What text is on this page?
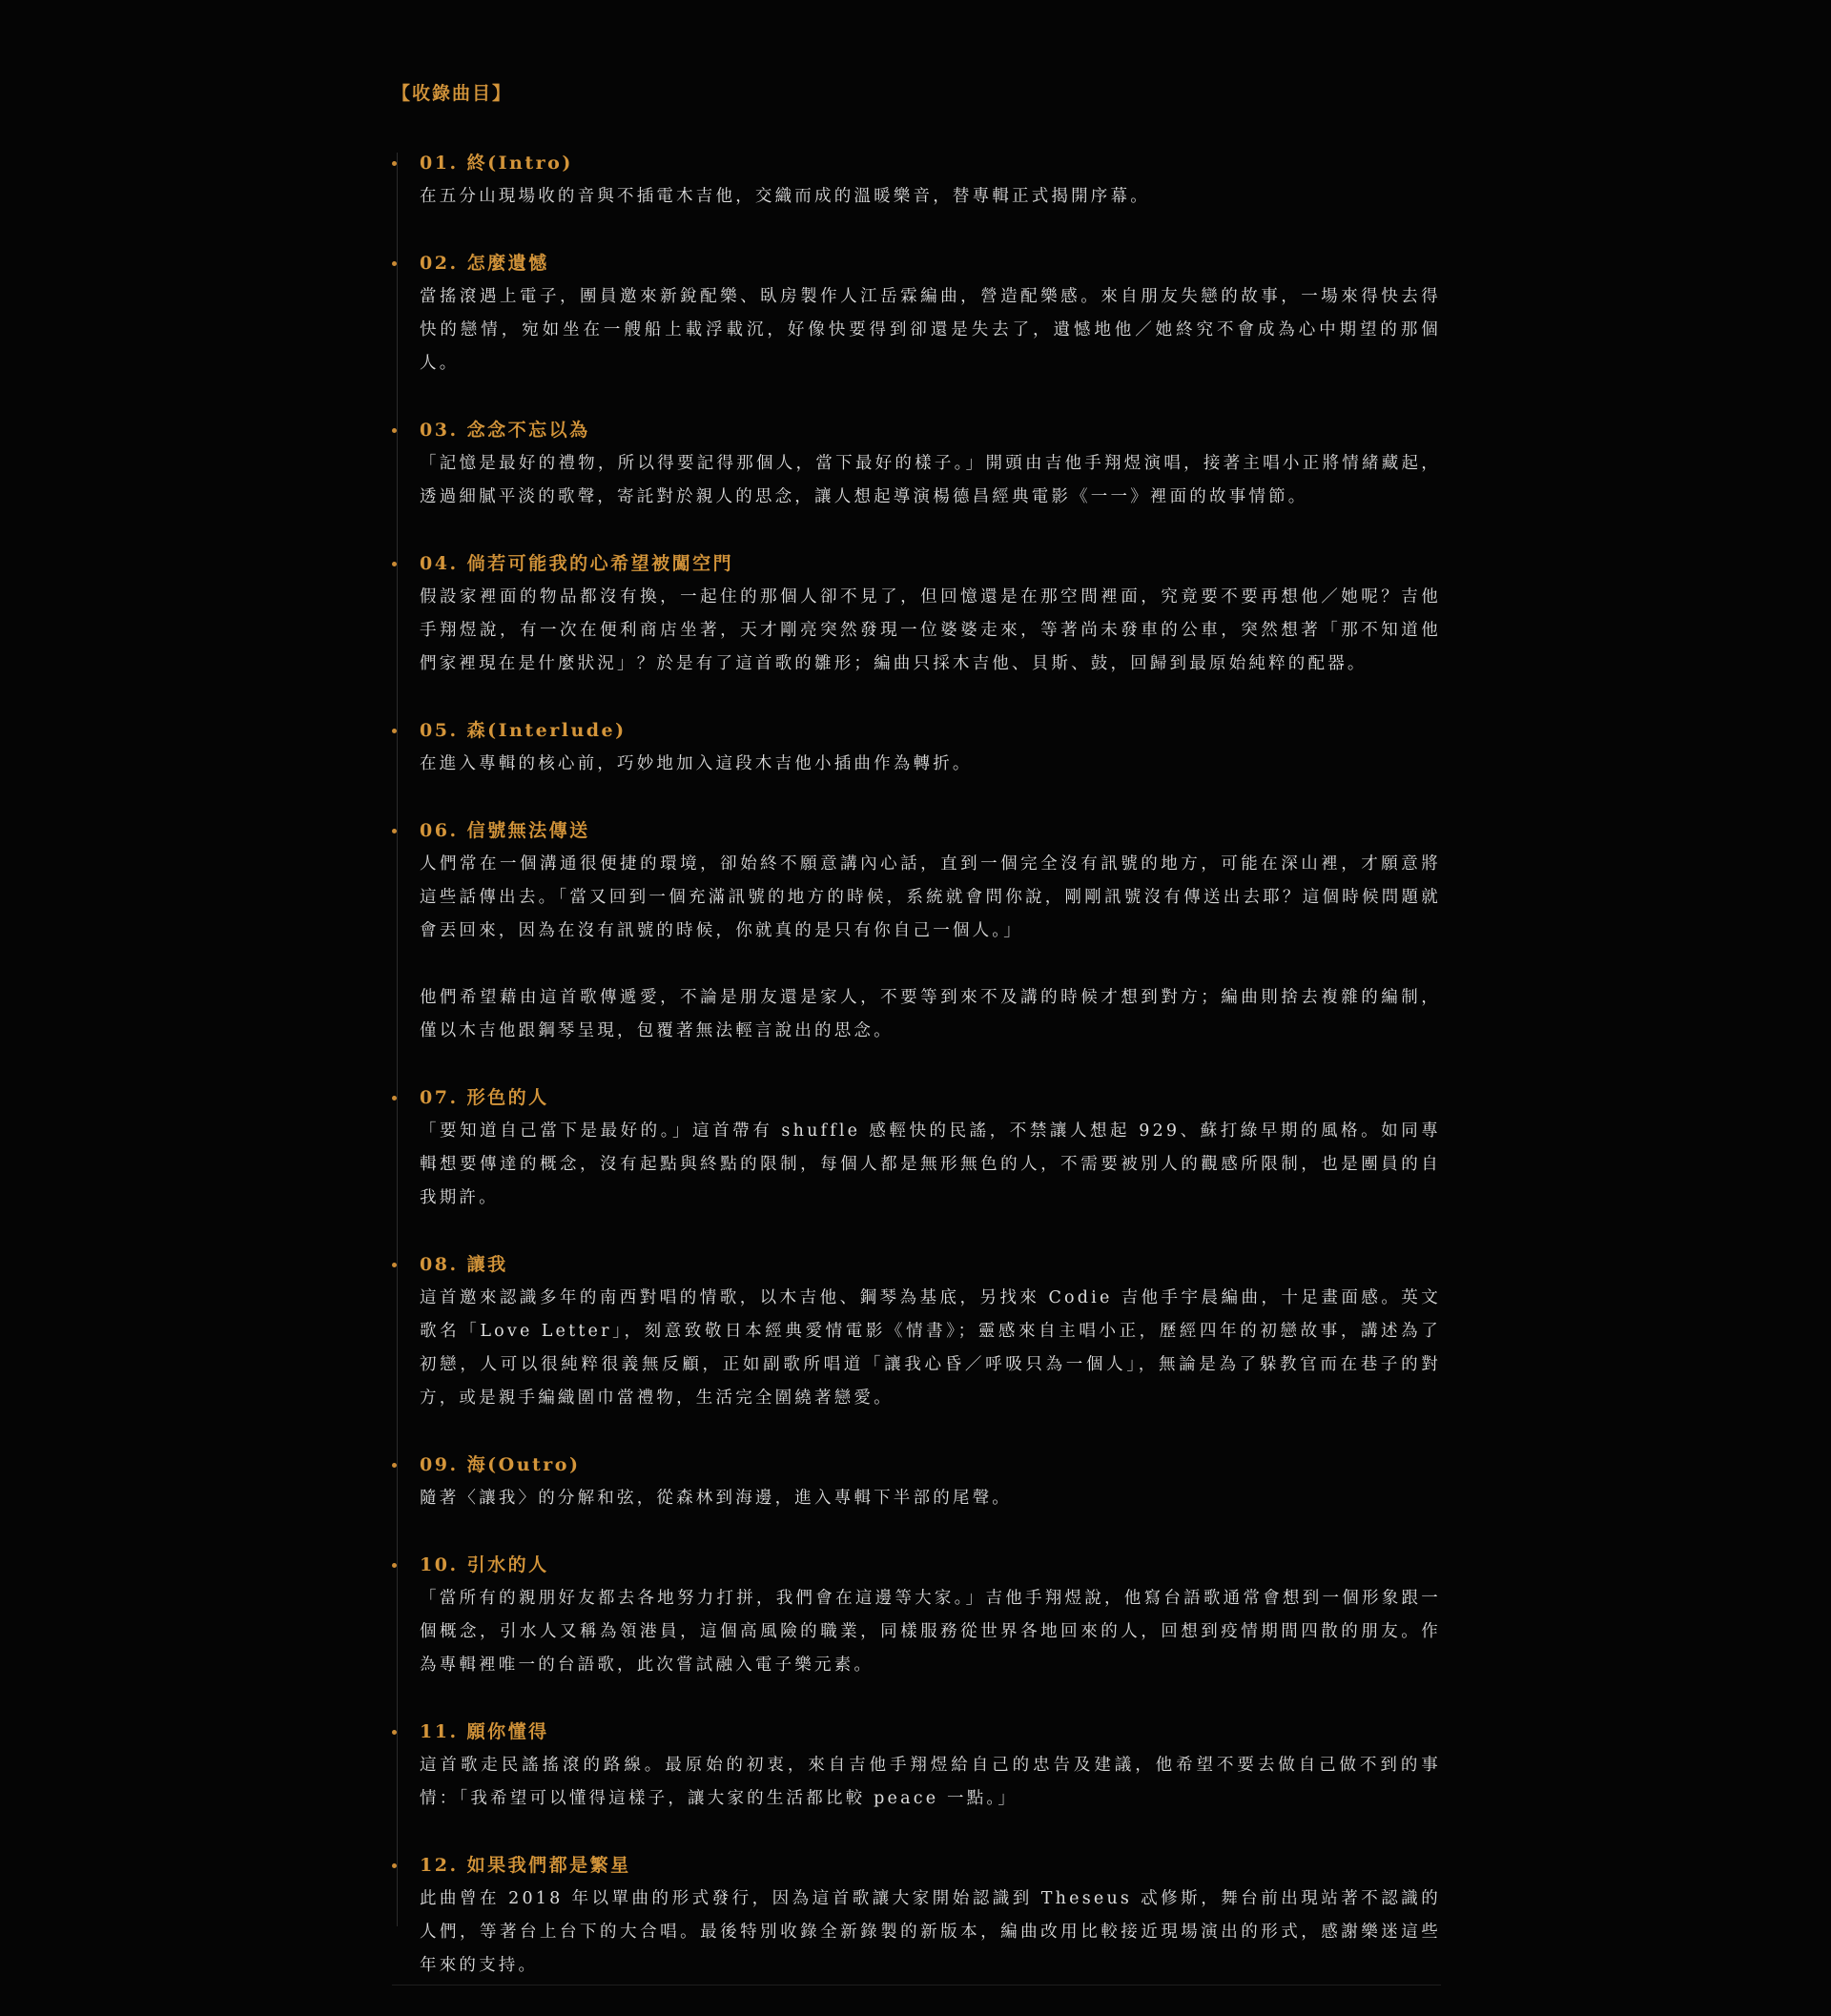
【收錄曲目】
01. 終(Intro)

在五分山現場收的音與不插電木吉他，交織而成的溫暖樂音，替專輯正式揭開序幕。

02. 怎麼遺憾

當搖滾遇上電子，團員邀來新銳配樂、臥房製作人江岳霖編曲，營造配樂感。來自朋友失戀的故事，一場來得快去得快的戀情，宛如坐在一艘船上載浮載沉，好像快要得到卻還是失去了，遺憾地他／她終究不會成為心中期望的那個人。

03. 念念不忘以為

「記憶是最好的禮物，所以得要記得那個人，當下最好的樣子。」開頭由吉他手翔煜演唱，接著主唱小正將情緒藏起，透過細膩平淡的歌聲，寄託對於親人的思念，讓人想起導演楊德昌經典電影《一一》裡面的故事情節。

04. 倘若可能我的心希望被闖空門

假設家裡面的物品都沒有換，一起住的那個人卻不見了，但回憶還是在那空間裡面，究竟要不要再想他／她呢？吉他手翔煜說，有一次在便利商店坐著，天才剛亮突然發現一位婆婆走來，等著尚未發車的公車，突然想著「那不知道他們家裡現在是什麼狀況」？於是有了這首歌的雛形；編曲只採木吉他、貝斯、鼓，回歸到最原始純粹的配器。

05. 森(Interlude)

在進入專輯的核心前，巧妙地加入這段木吉他小插曲作為轉折。

06. 信號無法傳送

人們常在一個溝通很便捷的環境，卻始終不願意講內心話，直到一個完全沒有訊號的地方，可能在深山裡，才願意將這些話傳出去。「當又回到一個充滿訊號的地方的時候，系統就會問你說，剛剛訊號沒有傳送出去耶？這個時候問題就會丟回來，因為在沒有訊號的時候，你就真的是只有你自己一個人。」

他們希望藉由這首歌傳遞愛，不論是朋友還是家人，不要等到來不及講的時候才想到對方；編曲則捨去複雜的編制，僅以木吉他跟鋼琴呈現，包覆著無法輕言說出的思念。

07. 形色的人

「要知道自己當下是最好的。」這首帶有 shuffle 感輕快的民謠，不禁讓人想起 929、蘇打綠早期的風格。如同專輯想要傳達的概念，沒有起點與終點的限制，每個人都是無形無色的人，不需要被別人的觀感所限制，也是團員的自我期許。

08. 讓我

這首邀來認識多年的南西對唱的情歌，以木吉他、鋼琴為基底，另找來 Codie 吉他手宇晨編曲，十足畫面感。英文歌名「Love Letter」，刻意致敬日本經典愛情電影《情書》；靈感來自主唱小正，歷經四年的初戀故事，講述為了初戀，人可以很純粹很義無反顧，正如副歌所唱道「讓我心昏／呼吸只為一個人」，無論是為了躲教官而在巷子的對方，或是親手編織圍巾當禮物，生活完全圍繞著戀愛。

09. 海(Outro)

隨著〈讓我〉的分解和弦，從森林到海邊，進入專輯下半部的尾聲。

10. 引水的人

「當所有的親朋好友都去各地努力打拼，我們會在這邊等大家。」吉他手翔煜說，他寫台語歌通常會想到一個形象跟一個概念，引水人又稱為領港員，這個高風險的職業，同樣服務從世界各地回來的人，回想到疫情期間四散的朋友。作為專輯裡唯一的台語歌，此次嘗試融入電子樂元素。

11. 願你懂得

這首歌走民謠搖滾的路線。最原始的初衷，來自吉他手翔煜給自己的忠告及建議，他希望不要去做自己做不到的事情：「我希望可以懂得這樣子，讓大家的生活都比較 peace 一點。」

12. 如果我們都是繁星

此曲曾在 2018 年以單曲的形式發行，因為這首歌讓大家開始認識到 Theseus 忒修斯，舞台前出現站著不認識的人們，等著台上台下的大合唱。最後特別收錄全新錄製的新版本，編曲改用比較接近現場演出的形式，感謝樂迷這些年來的支持。
